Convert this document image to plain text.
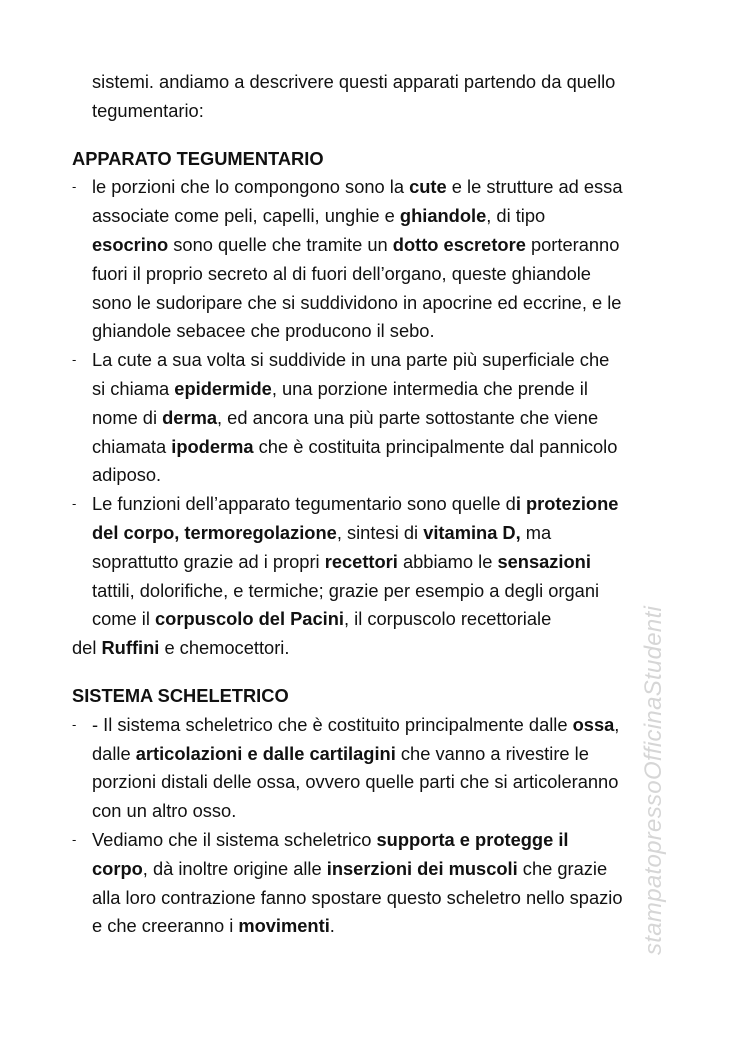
sistemi. andiamo a descrivere questi apparati partendo da quello
tegumentario:
APPARATO TEGUMENTARIO
- le porzioni che lo compongono sono la cute e le strutture ad essa
associate come peli, capelli, unghie e ghiandole, di tipo
esocrino sono quelle che tramite un dotto escretore porteranno
fuori il proprio secreto al di fuori dell’organo, queste ghiandole
sono le sudoripare che si suddividono in apocrine ed eccrine, e le
ghiandole sebacee che producono il sebo.
- La cute a sua volta si suddivide in una parte più superficiale che
si chiama epidermide, una porzione intermedia che prende il
nome di derma, ed ancora una più parte sottostante che viene
chiamata ipoderma che è costituita principalmente dal pannicolo
adiposo.
- Le funzioni dell’apparato tegumentario sono quelle di protezione
del corpo, termoregolazione, sintesi di vitamina D, ma
soprattutto grazie ad i propri recettori abbiamo le sensazioni
tattili, dolorifiche, e termiche; grazie per esempio a degli organi
come il corpuscolo del Pacini, il corpuscolo recettoriale
del Ruffini e chemocettori.
SISTEMA SCHELETRICO
- - Il sistema scheletrico che è costituito principalmente dalle ossa,
dalle articolazioni e dalle cartilagini che vanno a rivestire le
porzioni distali delle ossa, ovvero quelle parti che si articoleranno
con un altro osso.
- Vediamo che il sistema scheletrico supporta e protegge il
corpo, dà inoltre origine alle inserzioni dei muscoli che grazie
alla loro contrazione fanno spostare questo scheletro nello spazio
e che creeranno i movimenti.	stampatopressoOfficinaStudenti
